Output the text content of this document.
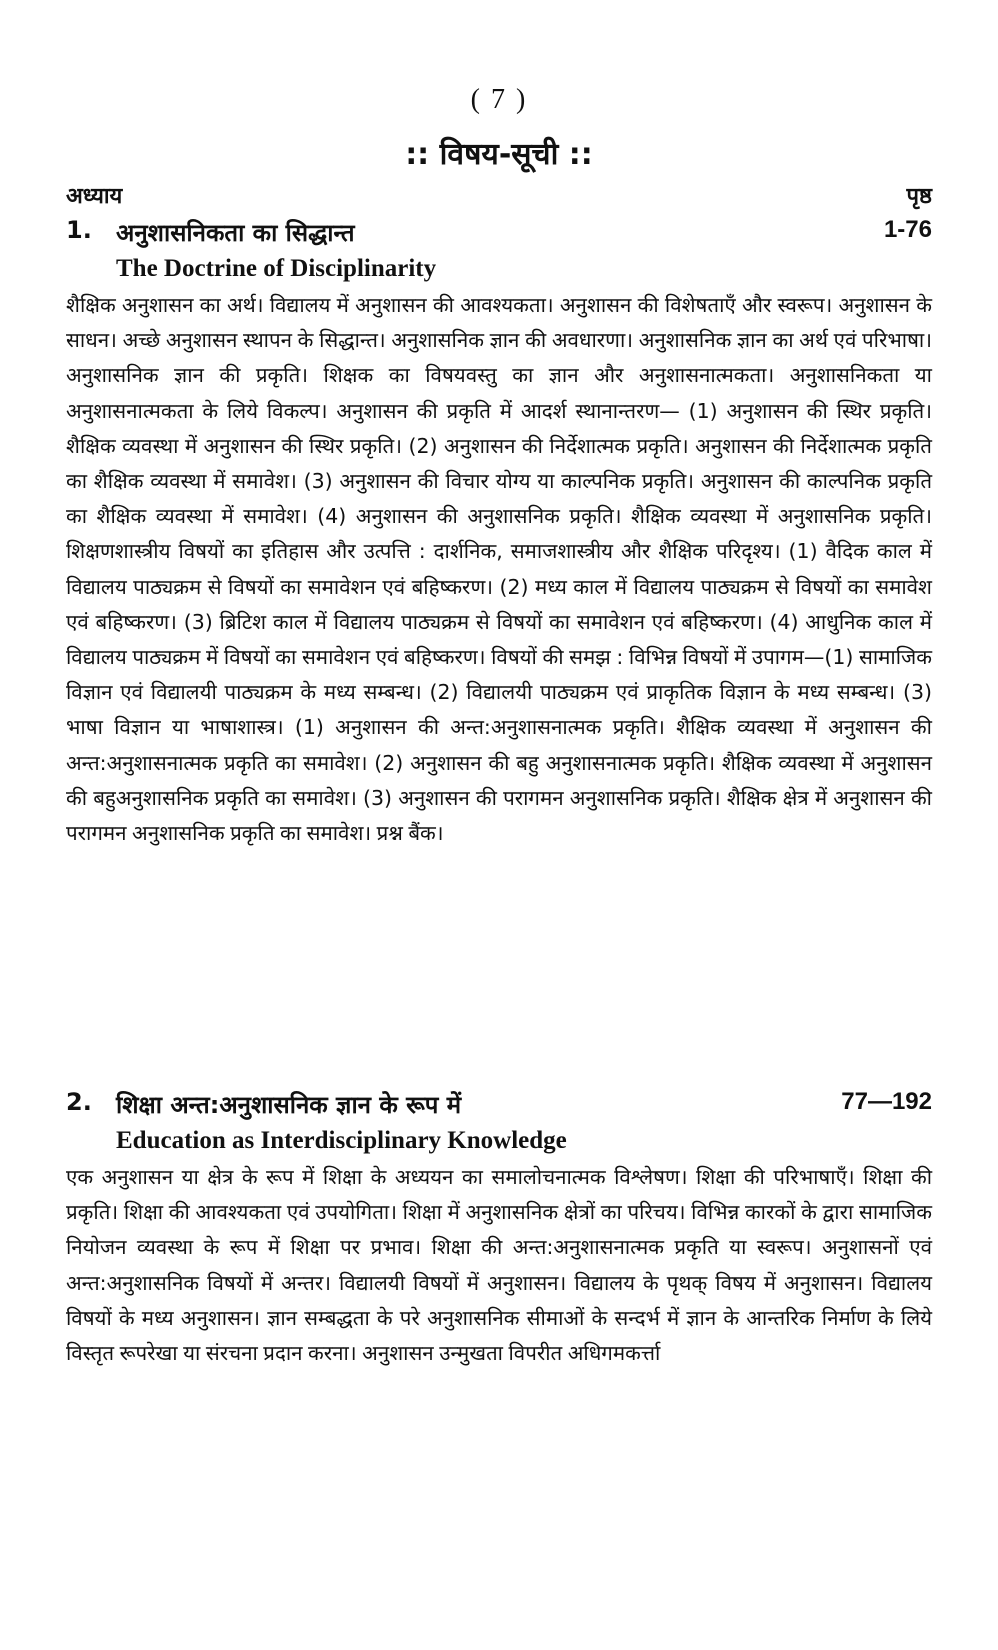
( 7 )
:: विषय-सूची ::
अध्याय	पृष्ठ
1. अनुशासनिकता का सिद्धान्त	1-76
The Doctrine of Disciplinarity

शैक्षिक अनुशासन का अर्थ। विद्यालय में अनुशासन की आवश्यकता। अनुशासन की विशेषताएँ और स्वरूप। अनुशासन के साधन। अच्छे अनुशासन स्थापन के सिद्धान्त। अनुशासनिक ज्ञान की अवधारणा। अनुशासनिक ज्ञान का अर्थ एवं परिभाषा। अनुशासनिक ज्ञान की प्रकृति। शिक्षक का विषयवस्तु का ज्ञान और अनुशासनात्मकता। अनुशासनिकता या अनुशासनात्मकता के लिये विकल्प। अनुशासन की प्रकृति में आदर्श स्थानान्तरण— (1) अनुशासन की स्थिर प्रकृति। शैक्षिक व्यवस्था में अनुशासन की स्थिर प्रकृति। (2) अनुशासन की निर्देशात्मक प्रकृति। अनुशासन की निर्देशात्मक प्रकृति का शैक्षिक व्यवस्था में समावेश। (3) अनुशासन की विचार योग्य या काल्पनिक प्रकृति। अनुशासन की काल्पनिक प्रकृति का शैक्षिक व्यवस्था में समावेश। (4) अनुशासन की अनुशासनिक प्रकृति। शैक्षिक व्यवस्था में अनुशासनिक प्रकृति। शिक्षणशास्त्रीय विषयों का इतिहास और उत्पत्ति : दार्शनिक, समाजशास्त्रीय और शैक्षिक परिदृश्य। (1) वैदिक काल में विद्यालय पाठ्यक्रम से विषयों का समावेशन एवं बहिष्करण। (2) मध्य काल में विद्यालय पाठ्यक्रम से विषयों का समावेश एवं बहिष्करण। (3) ब्रिटिश काल में विद्यालय पाठ्यक्रम से विषयों का समावेशन एवं बहिष्करण। (4) आधुनिक काल में विद्यालय पाठ्यक्रम में विषयों का समावेशन एवं बहिष्करण। विषयों की समझ : विभिन्न विषयों में उपागम—(1) सामाजिक विज्ञान एवं विद्यालयी पाठ्यक्रम के मध्य सम्बन्ध। (2) विद्यालयी पाठ्यक्रम एवं प्राकृतिक विज्ञान के मध्य सम्बन्ध। (3) भाषा विज्ञान या भाषाशास्त्र। (1) अनुशासन की अन्त:अनुशासनात्मक प्रकृति। शैक्षिक व्यवस्था में अनुशासन की अन्त:अनुशासनात्मक प्रकृति का समावेश। (2) अनुशासन की बहु अनुशासनात्मक प्रकृति। शैक्षिक व्यवस्था में अनुशासन की बहुअनुशासनिक प्रकृति का समावेश। (3) अनुशासन की परागमन अनुशासनिक प्रकृति। शैक्षिक क्षेत्र में अनुशासन की परागमन अनुशासनिक प्रकृति का समावेश। प्रश्न बैंक।

2. शिक्षा अन्त:अनुशासनिक ज्ञान के रूप में	77—192
Education as Interdisciplinary Knowledge

एक अनुशासन या क्षेत्र के रूप में शिक्षा के अध्ययन का समालोचनात्मक विश्लेषण। शिक्षा की परिभाषाएँ। शिक्षा की प्रकृति। शिक्षा की आवश्यकता एवं उपयोगिता। शिक्षा में अनुशासनिक क्षेत्रों का परिचय। विभिन्न कारकों के द्वारा सामाजिक नियोजन व्यवस्था के रूप में शिक्षा पर प्रभाव। शिक्षा की अन्त:अनुशासनात्मक प्रकृति या स्वरूप। अनुशासनों एवं अन्त:अनुशासनिक विषयों में अन्तर। विद्यालयी विषयों में अनुशासन। विद्यालय के पृथक् विषय में अनुशासन। विद्यालय विषयों के मध्य अनुशासन। ज्ञान सम्बद्धता के परे अनुशासनिक सीमाओं के सन्दर्भ में ज्ञान के आन्तरिक निर्माण के लिये विस्तृत रूपरेखा या संरचना प्रदान करना। अनुशासन उन्मुखता विपरीत अधिगमकर्त्ता
